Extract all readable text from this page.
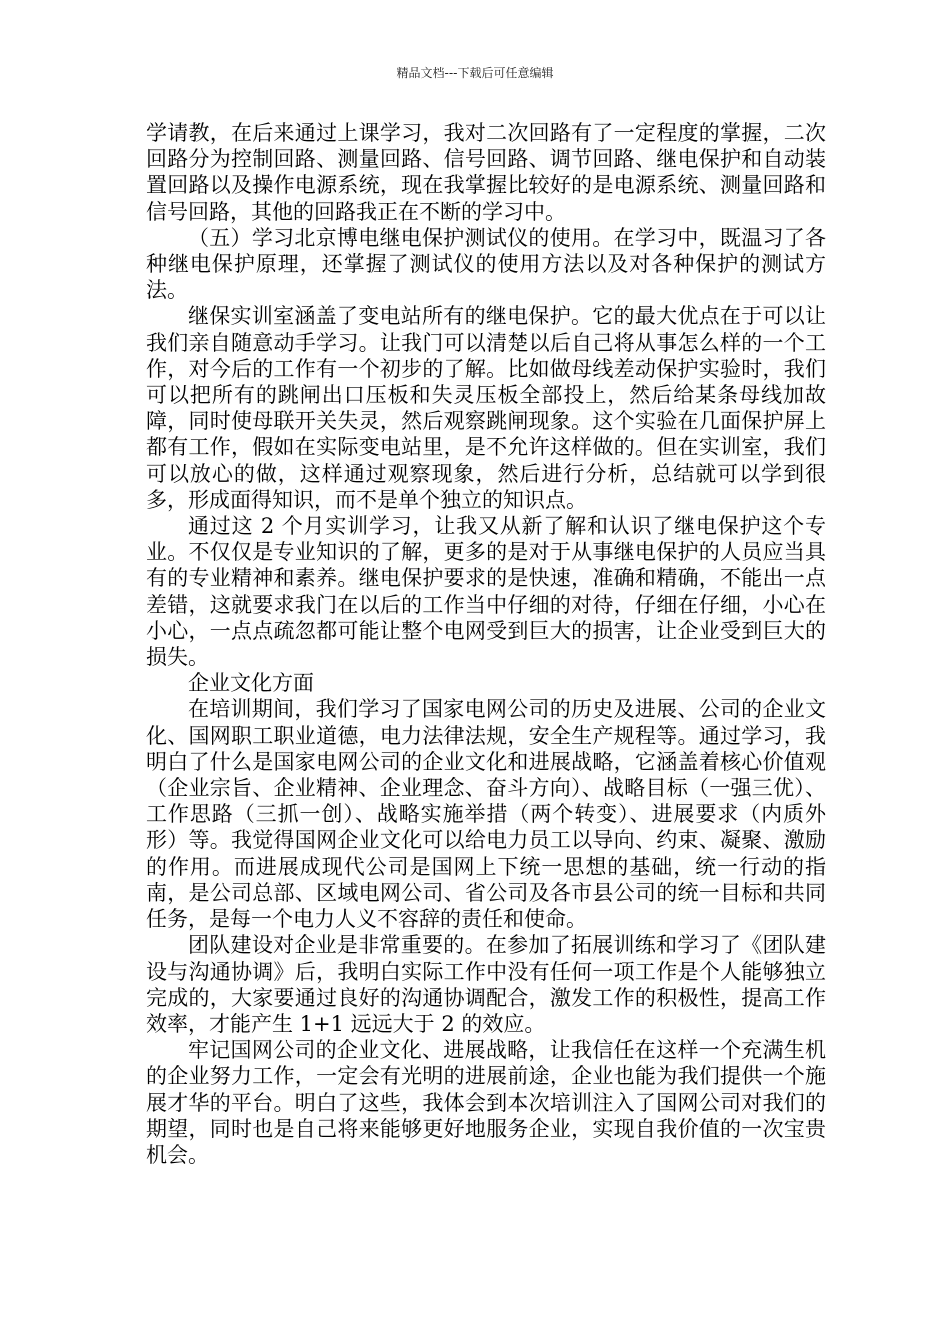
精品文档---下载后可任意编辑

学请教，在后来通过上课学习，我对二次回路有了一定程度的掌握，二次回路分为控制回路、测量回路、信号回路、调节回路、继电保护和自动装置回路以及操作电源系统，现在我掌握比较好的是电源系统、测量回路和信号回路，其他的回路我正在不断的学习中。

（五）学习北京博电继电保护测试仪的使用。在学习中，既温习了各种继电保护原理，还掌握了测试仪的使用方法以及对各种保护的测试方法。

继保实训室涵盖了变电站所有的继电保护。它的最大优点在于可以让我们亲自随意动手学习。让我门可以清楚以后自己将从事怎么样的一个工作，对今后的工作有一个初步的了解。比如做母线差动保护实验时，我们可以把所有的跳闸出口压板和失灵压板全部投上，然后给某条母线加故障，同时使母联开关失灵，然后观察跳闸现象。这个实验在几面保护屏上都有工作，假如在实际变电站里，是不允许这样做的。但在实训室，我们可以放心的做，这样通过观察现象，然后进行分析，总结就可以学到很多，形成面得知识，而不是单个独立的知识点。

通过这 2 个月实训学习，让我又从新了解和认识了继电保护这个专业。不仅仅是专业知识的了解，更多的是对于从事继电保护的人员应当具有的专业精神和素养。继电保护要求的是快速，准确和精确，不能出一点差错，这就要求我门在以后的工作当中仔细的对待，仔细在仔细，小心在小心，一点点疏忽都可能让整个电网受到巨大的损害，让企业受到巨大的损失。

企业文化方面

在培训期间，我们学习了国家电网公司的历史及进展、公司的企业文化、国网职工职业道德，电力法律法规，安全生产规程等。通过学习，我明白了什么是国家电网公司的企业文化和进展战略，它涵盖着核心价值观（企业宗旨、企业精神、企业理念、奋斗方向）、战略目标（一强三优）、工作思路（三抓一创）、战略实施举措（两个转变）、进展要求（内质外形）等。我觉得国网企业文化可以给电力员工以导向、约束、凝聚、激励的作用。而进展成现代公司是国网上下统一思想的基础，统一行动的指南，是公司总部、区域电网公司、省公司及各市县公司的统一目标和共同任务，是每一个电力人义不容辞的责任和使命。

团队建设对企业是非常重要的。在参加了拓展训练和学习了《团队建设与沟通协调》后，我明白实际工作中没有任何一项工作是个人能够独立完成的，大家要通过良好的沟通协调配合，激发工作的积极性，提高工作效率，才能产生 1+1 远远大于 2 的效应。

牢记国网公司的企业文化、进展战略，让我信任在这样一个充满生机的企业努力工作，一定会有光明的进展前途，企业也能为我们提供一个施展才华的平台。明白了这些，我体会到本次培训注入了国网公司对我们的期望，同时也是自己将来能够更好地服务企业，实现自我价值的一次宝贵机会。
